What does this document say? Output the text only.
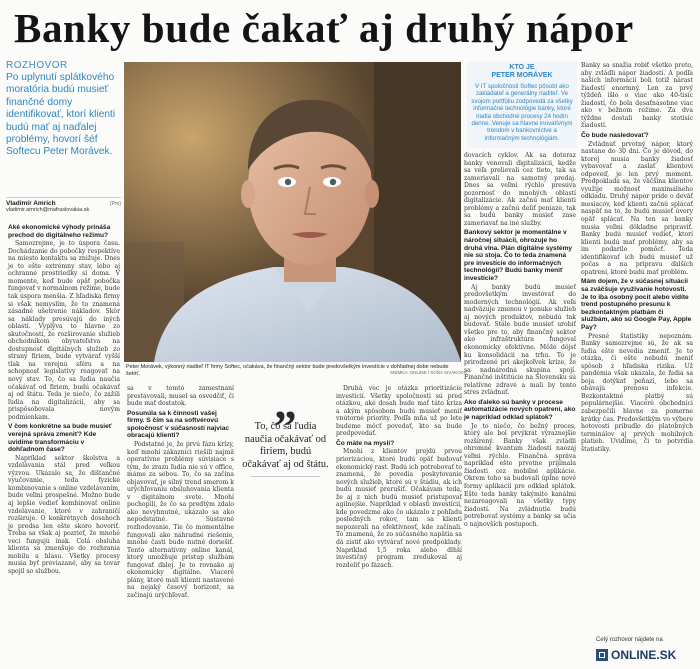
Banky bude čakať aj druhý nápor
ROZHOVOR
Po uplynutí splátkového moratória budú musieť finančné domy identifikovať, ktorí klienti budú mať aj naďalej problémy, hovorí šéf Softecu Peter Morávek.
Vladimír Amrich
vladimir.amrich@mafraslovakia.sk
(Pro)
Peter Morávek, výkonný riaditeľ IT firmy Softec, očakáva, že finančný sektor bude predovšetkým investície v dohľadnej dobe nebude šetriť.	SNÍMKA: ONLINE / SOŇA SIVÁKOVÁ
Aké ekonomické výhody prináša prechod do digitálneho režimu?
Samozrejme, je to úspora času. Dochádzanie do pobočky respektíve na miesto kontaktu sa znižuje. Dnes je to ešte extrémny stav, lebo aj ochranné prostriedky si doma. V momente, keď bude opäť pobočka fungovať v normálnom režime, bude tak úspora menšia. Z hľadiska firmy si však nemyslím, že to znamená zásadné ušetrenie nákladov. Skôr sa náklady presúvajú do iných oblastí. Vyplýva to hlavne zo skutočnosti, že rozširovanie služieb obchodníkom obyvateľstva na dostupnosť digitálnych služieb zo strany firiem, bude vytvárať vyšší tlak na verejnú sféru a na schopnosť legislatívy reagovať na nový stav. To, čo sa ľudia naučia očakávať od firiem, budú očakávať aj od štátu. Teda je niečo, čo zažili ľudia na digitalizácii, aby sa prispôsobovala novým podmienkam.
V čom konkrétne sa bude musieť verejná správa zmeniť? Kde uvidíme transformáciu v dohľadnom čase?
Napríklad sektor školstva a vzdelávania stál pred veľkou výzvou. Ukázalo sa, že dištančné vyučovanie, teda fyzické kombinovanie s online vzdelávaním, bude veľmi prospešné. Možno bude aj lepšie vedieť kombinovať online vzdelávanie, ktoré v zahraničí rozširuje. O konkrétnych dosahoch je predsa len ešte skoro hovoriť. Treba sa však aj pozrieť, že mnohé veci fungujú inak. Celá obsluha klienta sa zmenšuje do rozhrania mobilu a hlasu. Všetky procesy musia byť previazané, aby sa tovar spojil so službou.
sa v tomto zamestnaní prestavovali, musel sa osvedčiť, či bude mať dostatok.
Posunúla sa k činnosti vašej firmy. S čím sa na softvérovú spoločnosť v súčasnosti najviac obracajú klienti?
Podstatné je, že prvú fázu krízy, keď mnohí zákazníci riešili najmä operatívne problémy súvisiace s tým, že zrazu ľudia nie sú v office, máme za sebou. To, čo sa začína objavovať, je silný trend smerom k urýchľovaniu obsluhovania klienta v digitálnom svete. Mnohí pochopili, že čo sa predtým zdalo ako nevyhnutné, ukázalo sa ako nepodstatné. Sústavné rozhodovanie. Tie čo momentálne fungovali ako náhradné riešenie, mnohé časti bude nutné doriešiť. Tento alternatívny online kanál, ktorý umožňuje prístup službám fungovať ďalej. Je to rovnako aj ekonomicky digitálne. Viaceré plány, ktoré mali klienti nastavené na nejaký časový horizont, sa začínajú urýchľovať.
„
To, čo sa ľudia naučia očakávať od firiem, budú očakávať aj od štátu.
Druhá vec je otázka prioritizácie investícií. Všetky spoločnosti sú pred otázkou, aké dosah bude mať táto kríza a akým spôsobom budú musieť meniť vnútorné priority. Podľa mňa už po lete budeme môcť povedať, kto sa bude predpovedať.
Čo máte na mysli?
Mnohí z klientov prejdú prvou priorizáciou, ktoré budú opäť budovať ekonomický rast. Budú ich potrebovať to znamená, že povedia poskytovanie nových služieb, ktoré sú v štádiu, ak ich budú musieť prerušiť. Očakávam teda, že aj z nich budú musieť pristupovať agilnejšie. Napríklad v oblasti investícií, kde povedzme ako čo ukázalo z pohľadu posledných rokov, tam sa klienti nepozerali na efektívnosť, kde začínali. To znamená, že zo súčasného napätia sa dá zistiť ako vytvárať nové predpoklady. Napríklad 1,5 roka alebo dlhší investičný program zredukoval aj rozdeliť po fázach.
KTO JE
PETER MORÁVEK
V IT spoločnosti Softec pôsobí ako zakladateľ a generálny riaditeľ. Ve svojom portfóliu zodpovedá za všetky informačné technológie banky, ktoré riadia obchodné procesy 24 hodín denne. Venuje sa hlavne inovatívnym trendom v bankovníctve a informačným technológiám.
dovacích cyklov. Ak sa doteraz banky venovali digitalizácii, kedže sa veľa prelievali cez tieto, tak sa zameriavali na samotný predaj. Dnes sa veľmi rýchlo presúva pozornosť do mnohých oblastí digitalizácie. Ak začnú mať klienti problémy a začnú deliť peniaze, tak sa budú banky musieť zase zameriavať na iné služby.
Bankový sektor je momentálne v náročnej situácii, ohrozuje ho druhá vlna. Plán digitálne systémy nie sú stoja. Čo to teda znamená pre investície do informačných technológií? Budú banky meniť investície?
Aj banky budú musieť predovšetkým investovať do moderných technológií. Ak veľa nadväzuje zmenou v ponuke služieb aj nových produktov, nebudú tak budovať. Stále bude musieť urobiť všetko pre to, aby finančný sektor ako infraštruktúra fungoval ekonomicky efektívne. Môže dôjsť ku konsolidácii na trhu. To je prirodzené pri akejkoľvek kríze, že sa nadnárodná skupina spojí. Finančné inštitúcie na Slovensku sú relatívne zdravé a mali by tento stres zvládnuť.
Ako ďaleko sú banky v procese automatizácie nových opatrení, ako je napríklad odklad splátok?
Je to niečo, čo bežný proces, ktorý ale bol prvýkrát výraznejšie rozšírený. Banky však zvládli ohromné kvantum žiadostí naozaj veľmi rýchlo. Finančná správa napríklad ešte prvotne prijímala žiadosti cez mobilné aplikácie. Okrem toho sa budovali úplne nové formy aplikácií pre odklad splátok. Ešte teda banky takýmito kanálmi nezareagovali na všetky typy žiadostí. Na zvládnutie budú potrebovať systémy a banky sa učia o najnovších postupoch.
Banky sa snažia robiť všetko preto, aby zvládli nápor žiadostí. A podľa našich informácií boli totiž nárast žiadostí enormný. Len za prvý týždeň išlo o viac ako 40-tisíc žiadostí, čo bola desaťnásobne viac ako v bežnom režime. Za dva týždne dostali banky stotisíc žiadostí.
Čo bude nasledovať?
Zvládnuť prvotný nápor, ktorý nastane do 30 dní. Čo je dôvod, do ktorej musia banky žiadosť vybavovať a zaslať klientovi odpoveď, je len prvý moment. Predpokladá sa, že väčšina klientov využije možnosť maximálneho odkladu. Druhý nápor príde o deväť mesiacov, keď klienti začnú splácať naspäť na to, že budú musieť úvery opäť splácať. Na ten sa banky musia veľmi dôkladne pripraviť. Banky budú musieť vedieť, ktorí klienti budú mať problémy, aby sa im podarilo pomôcť. Teda identifikovať ich budú musieť už počas a na pripravu ďalších opatrení, ktoré budú mať problém.
Mám dojem, že v súčasnej situácii sa zväčšuje využívanie hotovosti. Je to iba osobný pocit alebo vidíte trend postupného presunu k bezkontaktným platbám či službám, ako sú Google Pay, Apple Pay?
Presné štatistiky nepoznám. Banky samozrejme sú, že ak sa ľudia ešte nevedia zmeniť. Je to otázka, či ešte nebudú meniť spôsob z hľadiska rizika. Už pandémia však ukázala, že ľudia sa boja dotýkať peňazí, lebo sa obávajú prenosu infekcie. Bezkontaktné platby sú populárnejšie. Viaceré obchodníci zabezpečili hlavne za pomerne krátky čas. Predovšetkým vo výbere hotovosti pribudlo do platobných terminálov aj prvých mobilných platieb. Uvidíme, či to potvrdia štatistiky.
Celý rozhovor nájdete na
ONLINE.SK
